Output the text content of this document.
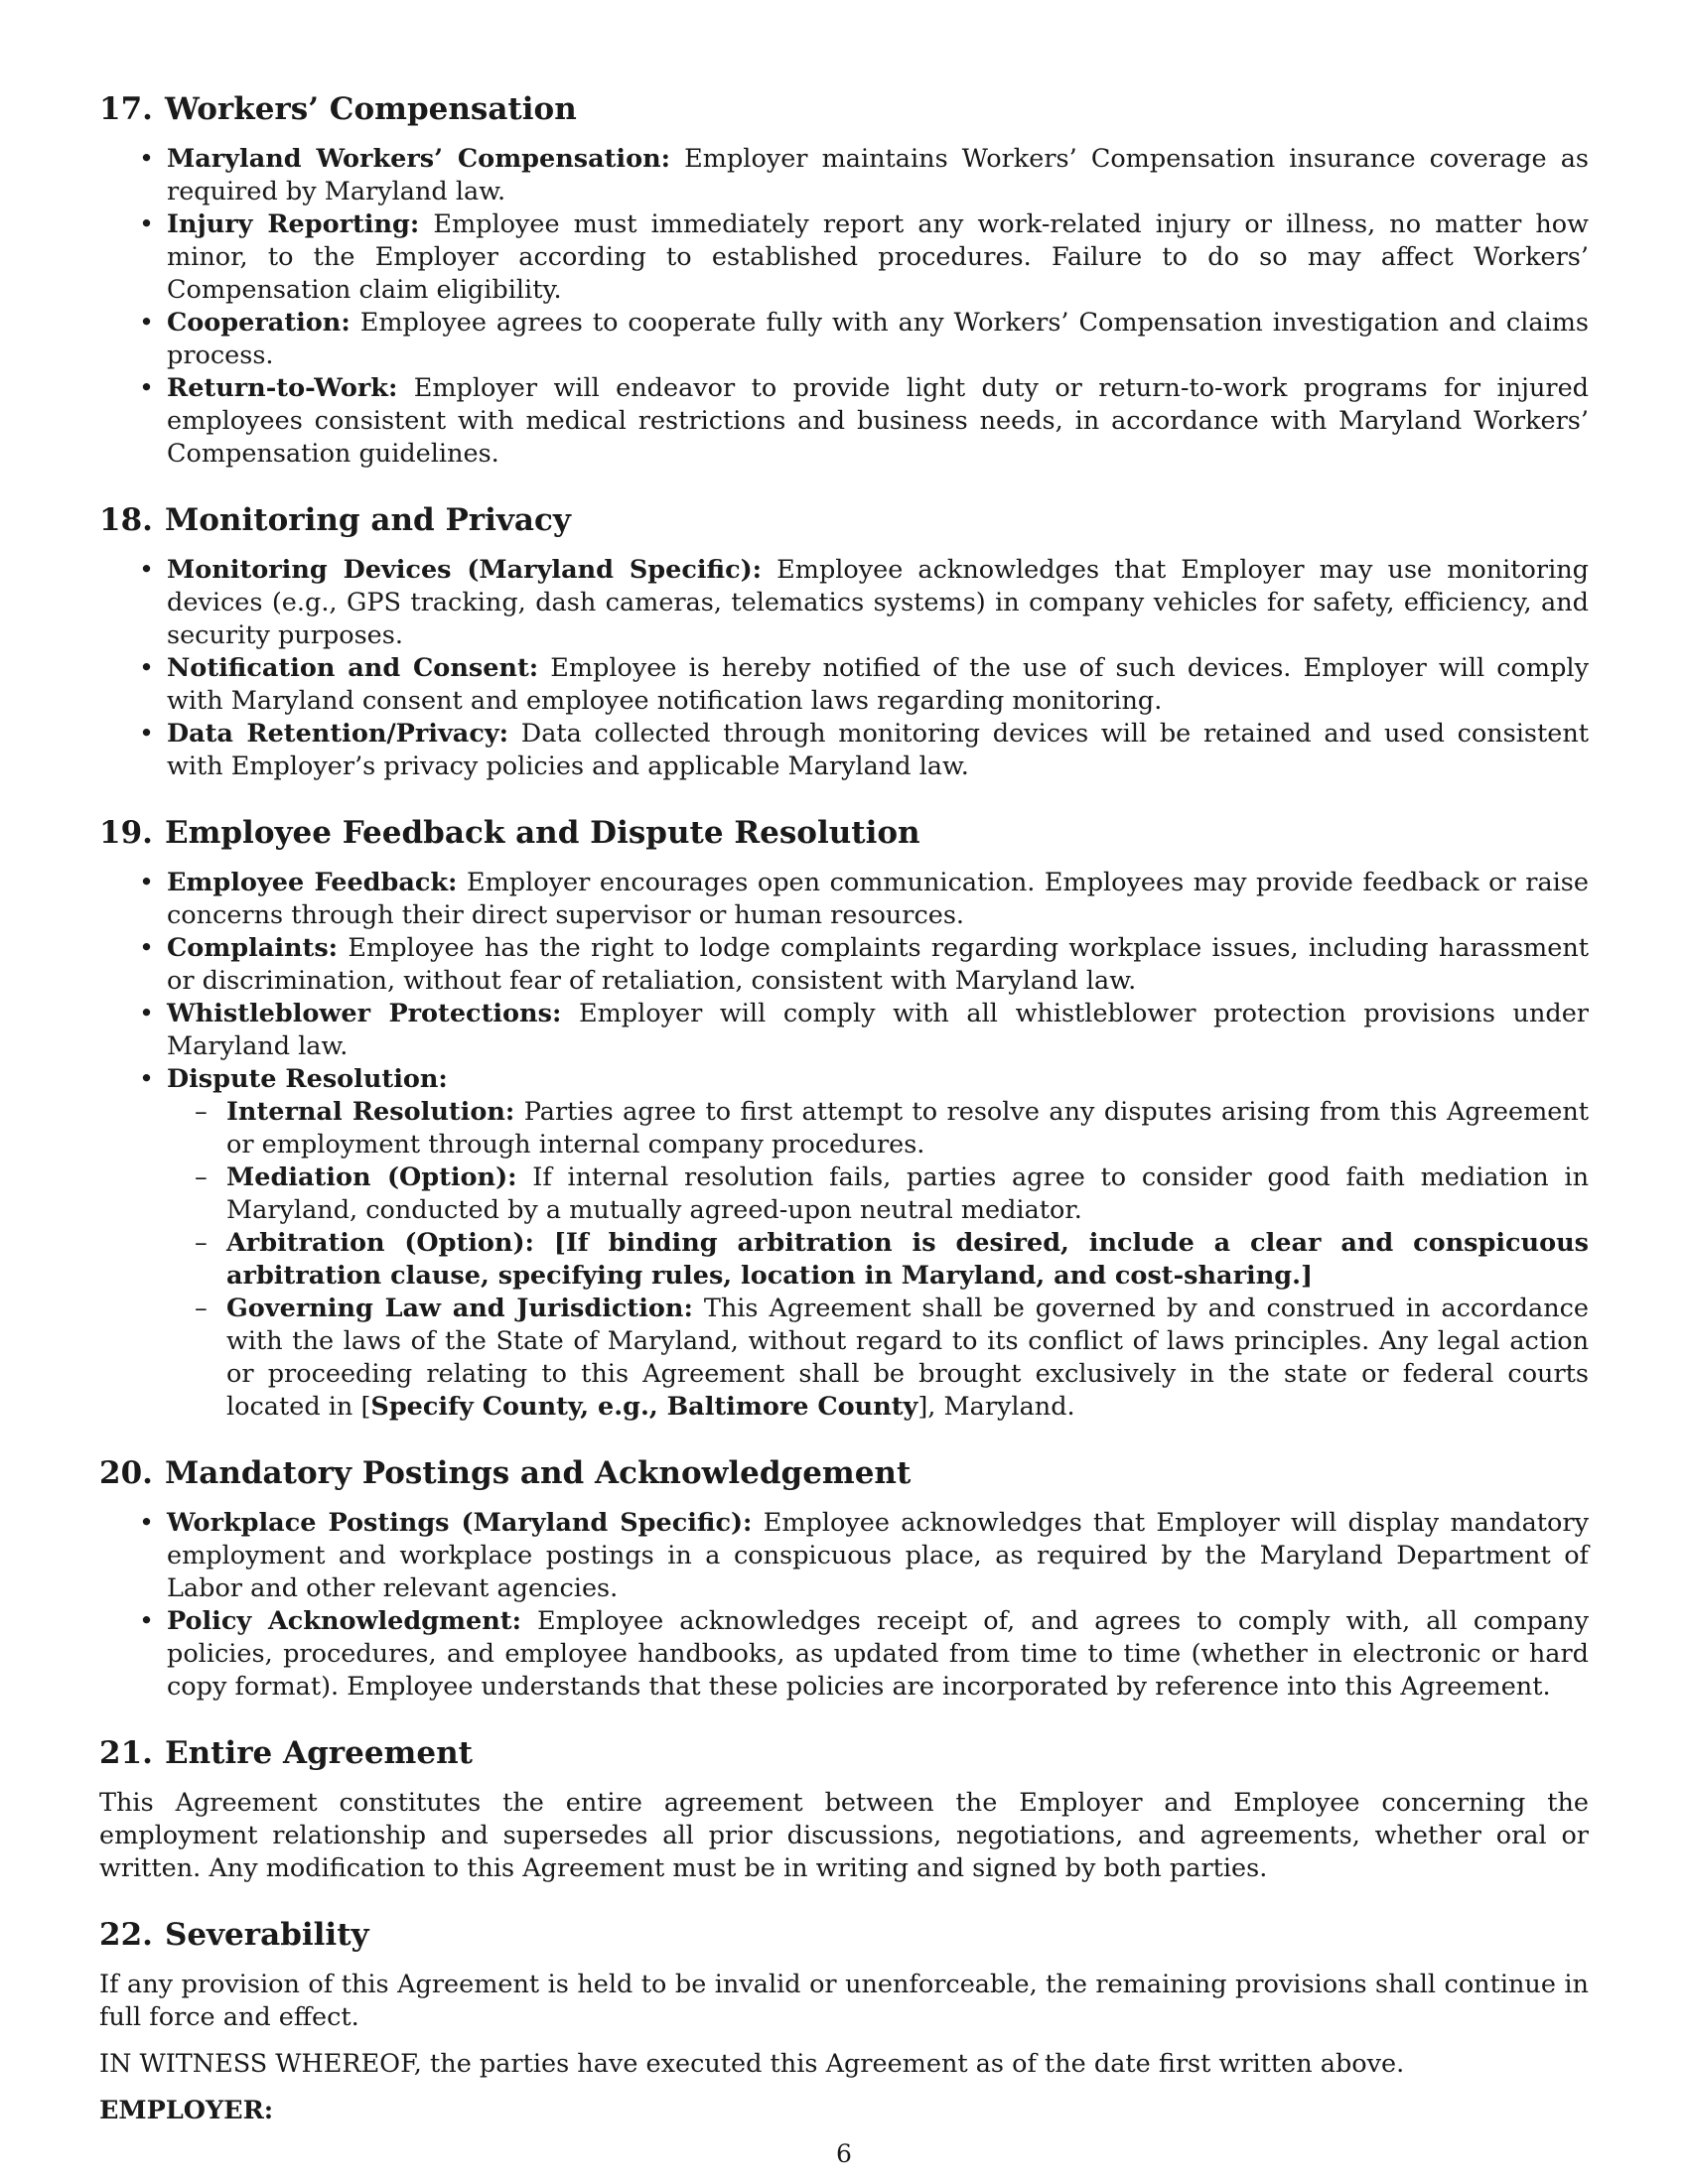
17. Workers’ Compensation
• Maryland Workers’ Compensation: Employer maintains Workers’ Compensation insurance coverage as required by Maryland law.
• Injury Reporting: Employee must immediately report any work-related injury or illness, no matter how minor, to the Employer according to established procedures. Failure to do so may affect Workers’ Compensation claim eligibility.
• Cooperation: Employee agrees to cooperate fully with any Workers’ Compensation investigation and claims process.
• Return-to-Work: Employer will endeavor to provide light duty or return-to-work programs for injured employees consistent with medical restrictions and business needs, in accordance with Maryland Workers’ Compensation guidelines.
18. Monitoring and Privacy
• Monitoring Devices (Maryland Specific): Employee acknowledges that Employer may use monitoring devices (e.g., GPS tracking, dash cameras, telematics systems) in company vehicles for safety, efficiency, and security purposes.
• Notification and Consent: Employee is hereby notified of the use of such devices. Employer will comply with Maryland consent and employee notification laws regarding monitoring.
• Data Retention/Privacy: Data collected through monitoring devices will be retained and used consistent with Employer’s privacy policies and applicable Maryland law.
19. Employee Feedback and Dispute Resolution
• Employee Feedback: Employer encourages open communication. Employees may provide feedback or raise concerns through their direct supervisor or human resources.
• Complaints: Employee has the right to lodge complaints regarding workplace issues, including harassment or discrimination, without fear of retaliation, consistent with Maryland law.
• Whistleblower Protections: Employer will comply with all whistleblower protection provisions under Maryland law.
• Dispute Resolution:
– Internal Resolution: Parties agree to first attempt to resolve any disputes arising from this Agreement or employment through internal company procedures.
– Mediation (Option): If internal resolution fails, parties agree to consider good faith mediation in Maryland, conducted by a mutually agreed-upon neutral mediator.
– Arbitration (Option): [If binding arbitration is desired, include a clear and conspicuous arbitration clause, specifying rules, location in Maryland, and cost-sharing.]
– Governing Law and Jurisdiction: This Agreement shall be governed by and construed in accordance with the laws of the State of Maryland, without regard to its conflict of laws principles. Any legal action or proceeding relating to this Agreement shall be brought exclusively in the state or federal courts located in [Specify County, e.g., Baltimore County], Maryland.
20. Mandatory Postings and Acknowledgement
• Workplace Postings (Maryland Specific): Employee acknowledges that Employer will display mandatory employment and workplace postings in a conspicuous place, as required by the Maryland Department of Labor and other relevant agencies.
• Policy Acknowledgment: Employee acknowledges receipt of, and agrees to comply with, all company policies, procedures, and employee handbooks, as updated from time to time (whether in electronic or hard copy format). Employee understands that these policies are incorporated by reference into this Agreement.
21. Entire Agreement

This Agreement constitutes the entire agreement between the Employer and Employee concerning the employment relationship and supersedes all prior discussions, negotiations, and agreements, whether oral or written. Any modification to this Agreement must be in writing and signed by both parties.

22. Severability

If any provision of this Agreement is held to be invalid or unenforceable, the remaining provisions shall continue in full force and effect.

IN WITNESS WHEREOF, the parties have executed this Agreement as of the date first written above.

EMPLOYER:

6
